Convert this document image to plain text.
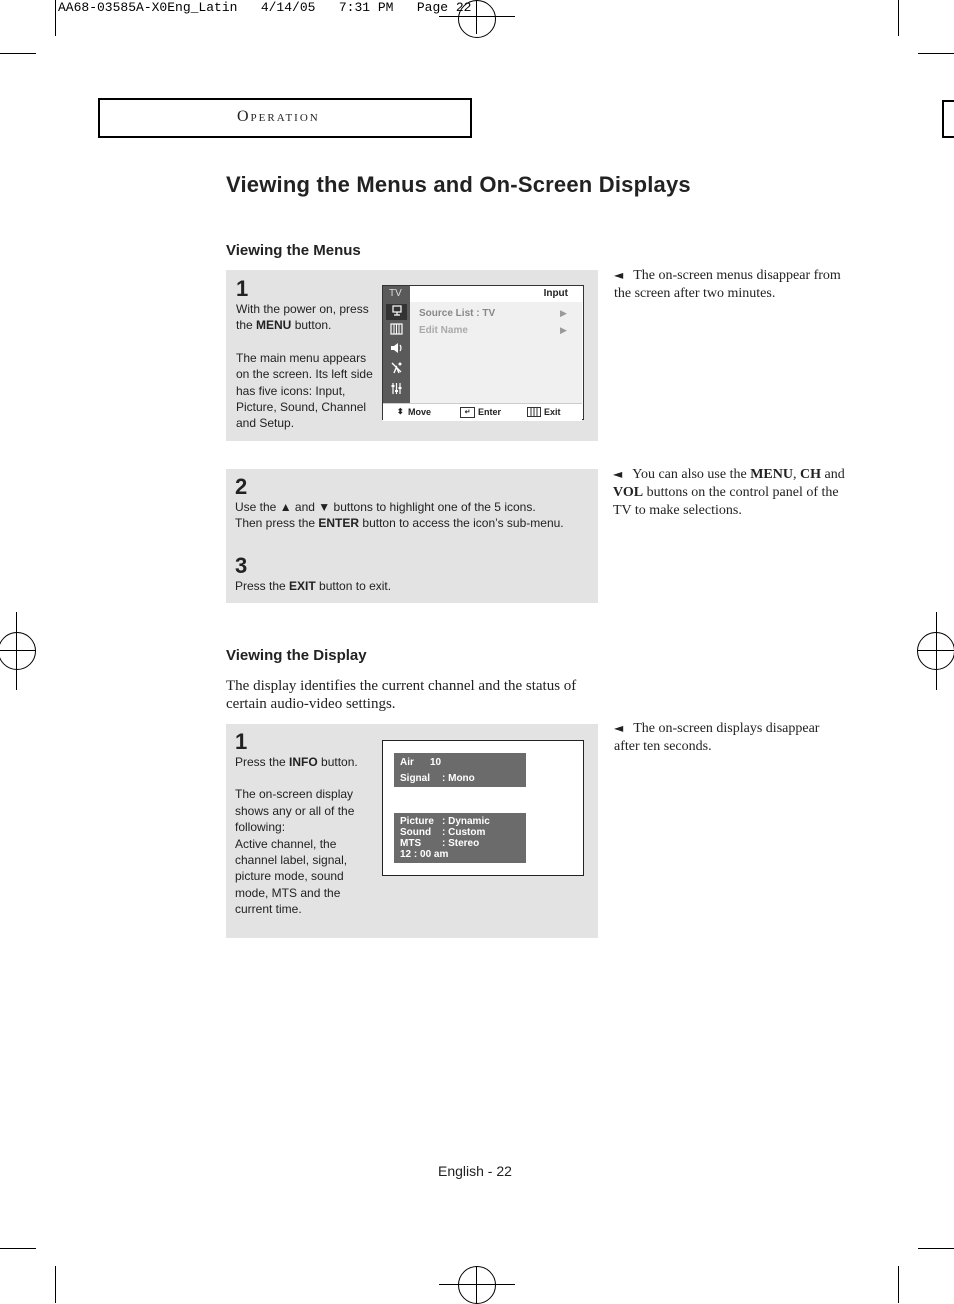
AA68-03585A-X0Eng_Latin   4/14/05   7:31 PM   Page 22
Operation
Viewing the Menus and On-Screen Displays
Viewing the Menus
1
With the power on, press
the MENU button.
The main menu appears
on the screen. Its left side
has five icons: Input,
Picture, Sound, Channel
and Setup.
TV	Input
Source List : TV	▶
Edit Name	▶
⬍ Move	↵ Enter	Exit
◄ The on-screen menus disappear from the screen after two minutes.
2
Use the ▲ and ▼ buttons to highlight one of the 5 icons.
Then press the ENTER button to access the icon’s sub-menu.
3
Press the EXIT button to exit.
◄ You can also use the MENU, CH and VOL buttons on the control panel of the TV to make selections.
Viewing the Display
The display identifies the current channel and the status of certain audio-video settings.
1
Press the INFO button.
The on-screen display
shows any or all of the
following:
Active channel, the
channel label, signal,
picture mode, sound
mode, MTS and the
current time.
Air 10
Signal : Mono
Picture : Dynamic
Sound : Custom
MTS : Stereo
12 : 00 am
◄ The on-screen displays disappear after ten seconds.
English - 22
